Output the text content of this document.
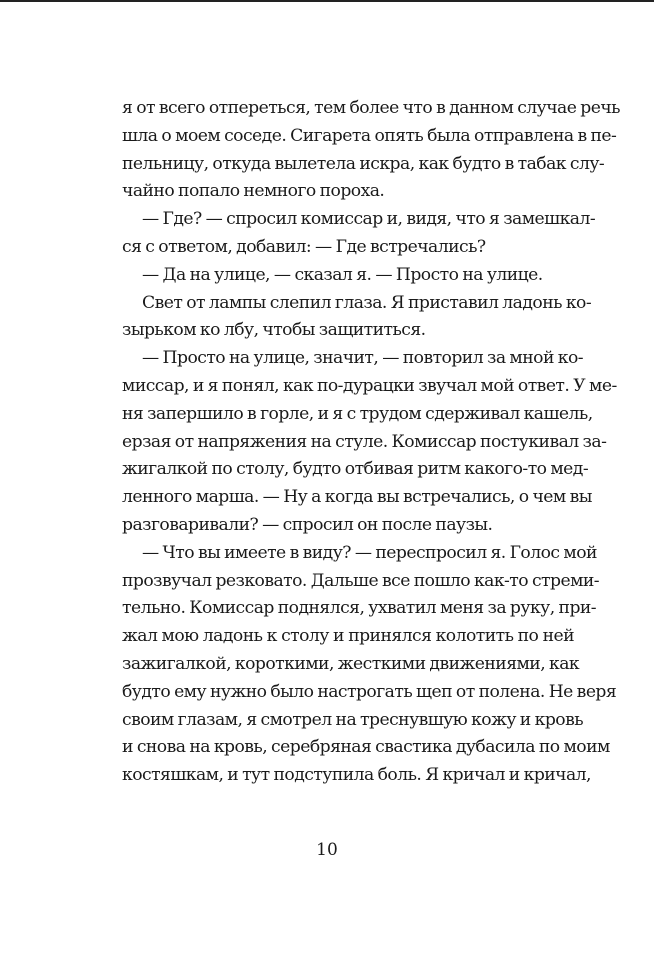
я от всего отпереться, тем более что в данном случае речь
шла о моем соседе. Сигарета опять была отправлена в пе-
пельницу, откуда вылетела искра, как будто в табак слу-
чайно попало немного пороха.
— Где? — спросил комиссар и, видя, что я замешкал-
ся с ответом, добавил: — Где встречались?
— Да на улице, — сказал я. — Просто на улице.
Свет от лампы слепил глаза. Я приставил ладонь ко-
зырьком ко лбу, чтобы защититься.
— Просто на улице, значит, — повторил за мной ко-
миссар, и я понял, как по-дурацки звучал мой ответ. У ме-
ня запершило в горле, и я с трудом сдерживал кашель,
ерзая от напряжения на стуле. Комиссар постукивал за-
жигалкой по столу, будто отбивая ритм какого-то мед-
ленного марша. — Ну а когда вы встречались, о чем вы
разговаривали? — спросил он после паузы.
— Что вы имеете в виду? — переспросил я. Голос мой
прозвучал резковато. Дальше все пошло как-то стреми-
тельно. Комиссар поднялся, ухватил меня за руку, при-
жал мою ладонь к столу и принялся колотить по ней
зажигалкой, короткими, жесткими движениями, как
будто ему нужно было настрогать щеп от полена. Не веря
своим глазам, я смотрел на треснувшую кожу и кровь
и снова на кровь, серебряная свастика дубасила по моим
костяшкам, и тут подступила боль. Я кричал и кричал,
10
